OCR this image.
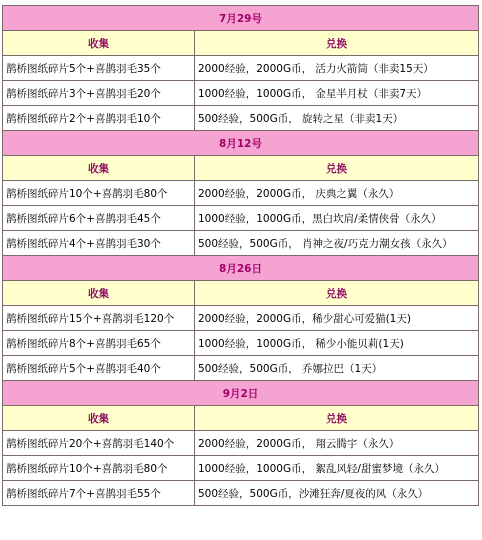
7月29号	
收集	兑换
鹊桥图纸碎片5个+喜鹊羽毛35个	2000经验，2000G币， 活力火箭筒（非卖15天）
鹊桥图纸碎片3个+喜鹊羽毛20个	1000经验，1000G币， 金星半月杖（非卖7天）
鹊桥图纸碎片2个+喜鹊羽毛10个	500经验，500G币， 旋转之星（非卖1天）
8月12号	
收集	兑换
鹊桥图纸碎片10个+喜鹊羽毛80个	2000经验，2000G币， 庆典之翼（永久）
鹊桥图纸碎片6个+喜鹊羽毛45个	1000经验，1000G币，黑白坎肩/柔情侠骨（永久）
鹊桥图纸碎片4个+喜鹊羽毛30个	500经验，500G币， 肖神之夜/巧克力潮女孩（永久）
8月26日	
收集	兑换
鹊桥图纸碎片15个+喜鹊羽毛120个	2000经验，2000G币，稀少甜心可爱猫(1天)
鹊桥图纸碎片8个+喜鹊羽毛65个	1000经验，1000G币， 稀少小能贝莉(1天)
鹊桥图纸碎片5个+喜鹊羽毛40个	500经验，500G币， 乔娜拉巴（1天）
9月2日	
收集	兑换
鹊桥图纸碎片20个+喜鹊羽毛140个	2000经验，2000G币， 翔云腾宇（永久）
鹊桥图纸碎片10个+喜鹊羽毛80个	1000经验，1000G币， 絮乱风轻/甜蜜梦境（永久）
鹊桥图纸碎片7个+喜鹊羽毛55个	500经验，500G币，沙滩狂奔/夏夜的风（永久）
